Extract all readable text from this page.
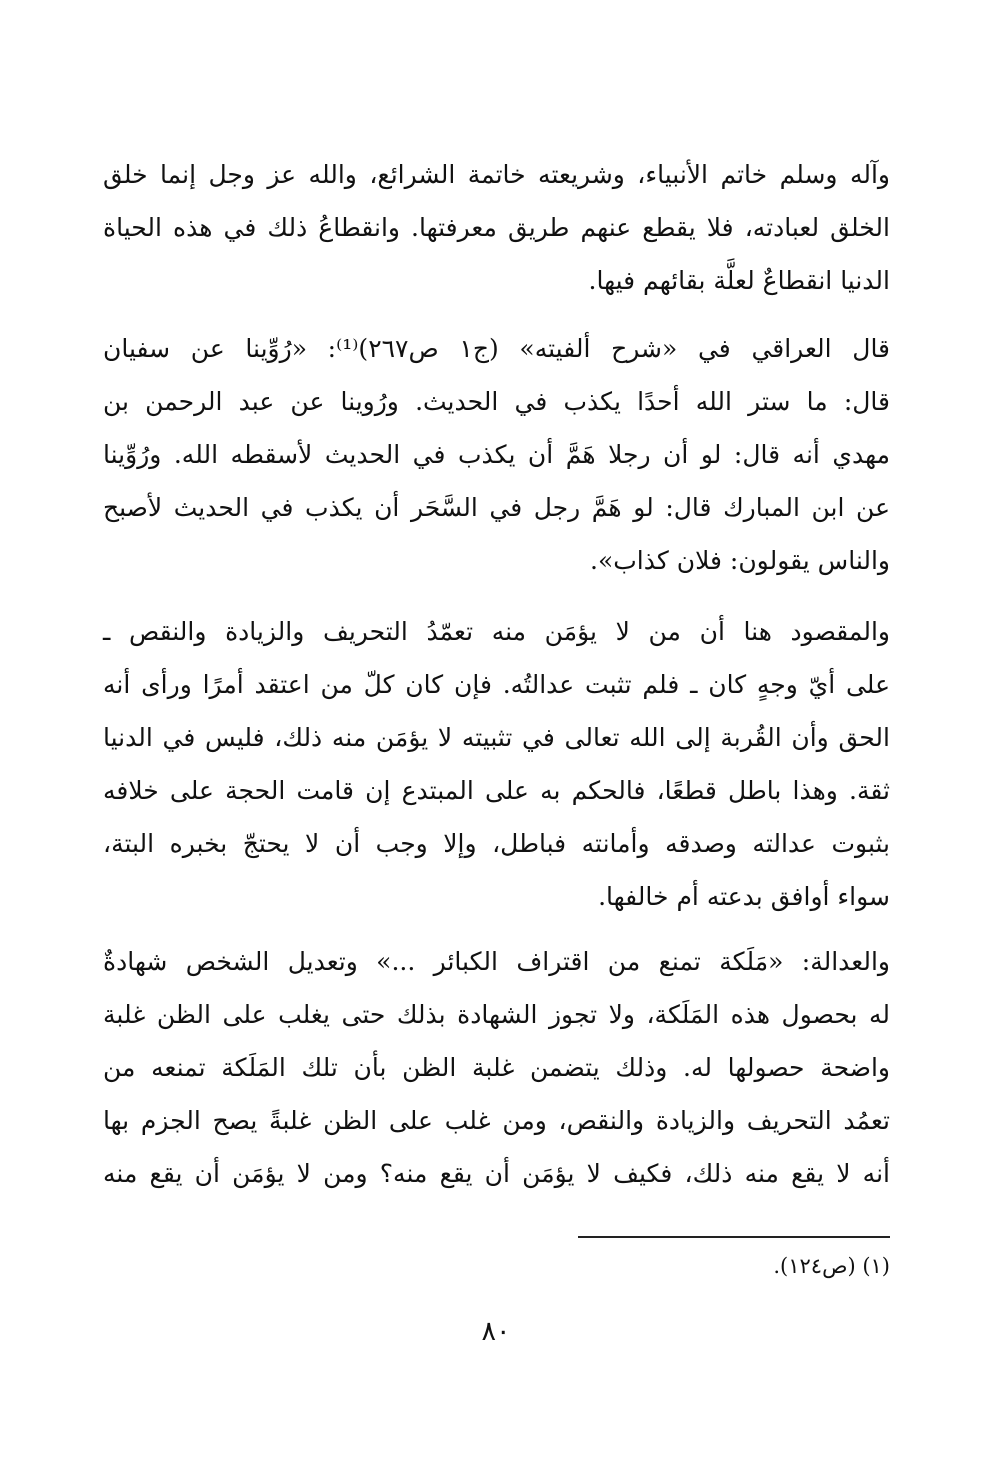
وآله وسلم خاتم الأنبياء، وشريعته خاتمة الشرائع، والله عز وجل إنما خلق
الخلق لعبادته، فلا يقطع عنهم طريق معرفتها. وانقطاعُ ذلك في هذه الحياة
الدنيا انقطاعٌ لعلَّة بقائهم فيها.
قال العراقي في «شرح ألفيته» (ج١ ص٢٦٧)⁽¹⁾: «رُوِّينا عن سفيان
قال: ما ستر الله أحدًا يكذب في الحديث. ورُوينا عن عبد الرحمن بن
مهدي أنه قال: لو أن رجلا هَمَّ أن يكذب في الحديث لأسقطه الله. ورُوِّينا
عن ابن المبارك قال: لو هَمَّ رجل في السَّحَر أن يكذب في الحديث لأصبح
والناس يقولون: فلان كذاب».
والمقصود هنا أن من لا يؤمَن منه تعمّدُ التحريف والزيادة والنقص ـ
على أيّ وجهٍ كان ـ فلم تثبت عدالتُه. فإن كان كلّ من اعتقد أمرًا ورأى أنه
الحق وأن القُربة إلى الله تعالى في تثبيته لا يؤمَن منه ذلك، فليس في الدنيا
ثقة. وهذا باطل قطعًا، فالحكم به على المبتدع إن قامت الحجة على خلافه
بثبوت عدالته وصدقه وأمانته فباطل، وإلا وجب أن لا يحتجّ بخبره البتة،
سواء أوافق بدعته أم خالفها.
والعدالة: «مَلَكة تمنع من اقتراف الكبائر ...» وتعديل الشخص شهادةٌ
له بحصول هذه المَلَكة، ولا تجوز الشهادة بذلك حتى يغلب على الظن غلبة
واضحة حصولها له. وذلك يتضمن غلبة الظن بأن تلك المَلَكة تمنعه من
تعمُد التحريف والزيادة والنقص، ومن غلب على الظن غلبةً يصح الجزم بها
أنه لا يقع منه ذلك، فكيف لا يؤمَن أن يقع منه؟ ومن لا يؤمَن أن يقع منه
(١) (ص١٢٤).
٨٠
